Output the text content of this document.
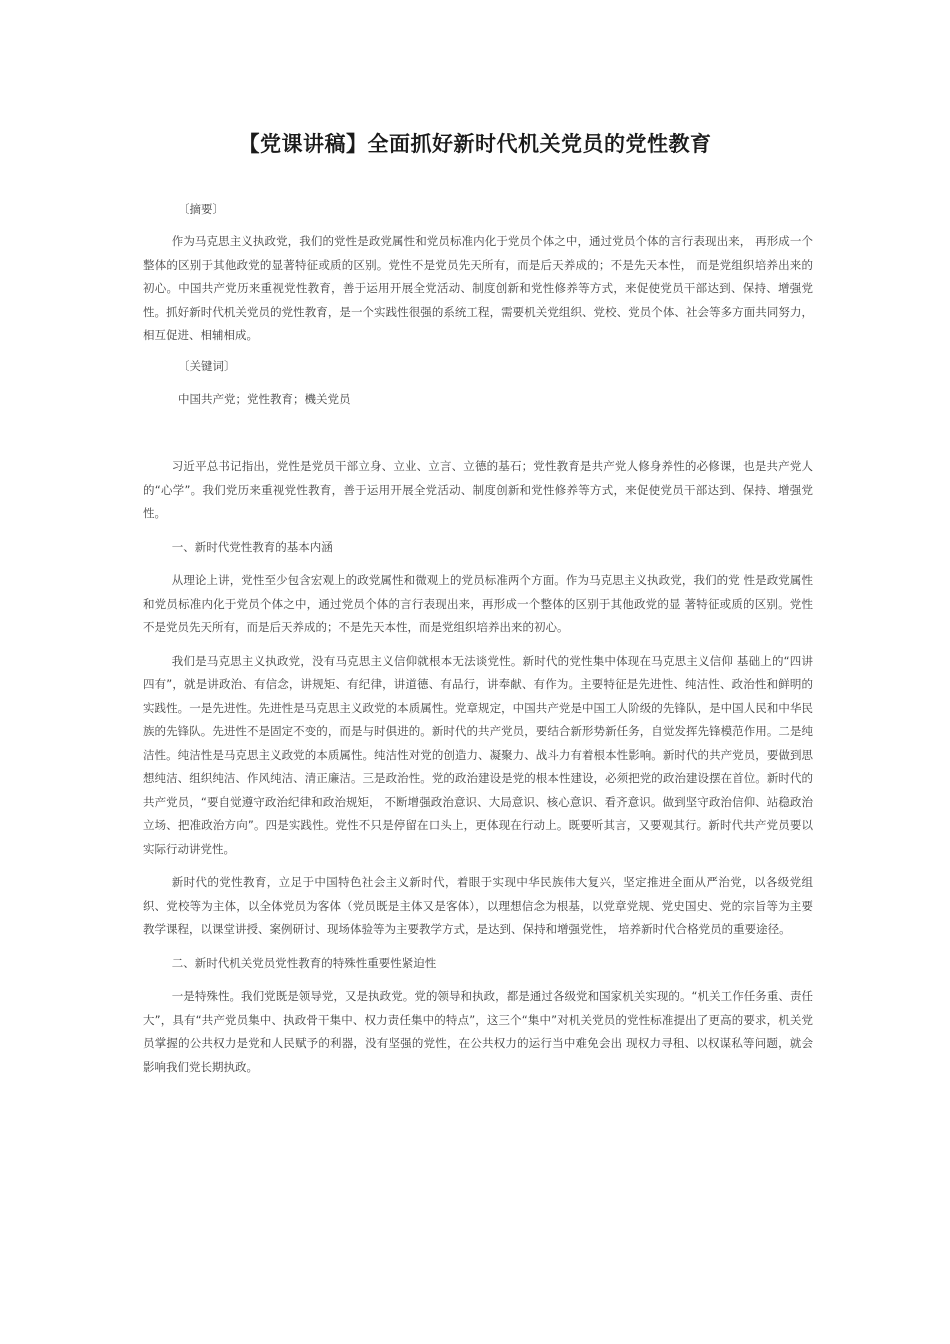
【党课讲稿】全面抓好新时代机关党员的党性教育
〔摘要〕

作为马克思主义执政党，我们的党性是政党属性和党员标准内化于党员个体之中，通过党员个体的言行表现出来， 再形成一个整体的区别于其他政党的显著特征或质的区别。党性不是党员先天所有，而是后天养成的；不是先天本性， 而是党组织培养出来的初心。中国共产党历来重视党性教育，善于运用开展全党活动、制度创新和党性修养等方式，来促使党员干部达到、保持、增强党性。抓好新时代机关党员的党性教育，是一个实践性很强的系统工程，需要机关党组织、党校、党员个体、社会等多方面共同努力，相互促进、相辅相成。

〔关键词〕
中国共产党；党性教育；機关党员

习近平总书记指出，党性是党员干部立身、立业、立言、立德的基石；党性教育是共产党人修身养性的必修课，也是共产党人的“心学”。我们党历来重视党性教育，善于运用开展全党活动、制度创新和党性修养等方式，来促使党员干部达到、保持、增强党性。

一、新时代党性教育的基本内涵

从理论上讲，党性至少包含宏观上的政党属性和微观上的党员标准两个方面。作为马克思主义执政党，我们的党 性是政党属性和党员标准内化于党员个体之中，通过党员个体的言行表现出来，再形成一个整体的区别于其他政党的显 著特征或质的区别。党性不是党员先天所有，而是后天养成的；不是先天本性，而是党组织培养出来的初心。

我们是马克思主义执政党，没有马克思主义信仰就根本无法谈党性。新时代的党性集中体现在马克思主义信仰 基础上的“四讲四有”，就是讲政治、有信念，讲规矩、有纪律，讲道德、有品行，讲奉献、有作为。主要特征是先进性、纯洁性、政治性和鲜明的实践性。一是先进性。先进性是马克思主义政党的本质属性。党章规定，中国共产党是中国工人阶级的先锋队，是中国人民和中华民族的先锋队。先进性不是固定不变的，而是与时俱进的。新时代的共产党员，要结合新形势新任务，自觉发挥先锋模范作用。二是纯洁性。纯洁性是马克思主义政党的本质属性。纯洁性对党的创造力、凝聚力、战斗力有着根本性影响。新时代的共产党员，要做到思想纯洁、组织纯洁、作风纯洁、清正廉洁。三是政治性。党的政治建设是党的根本性建设，必须把党的政治建设摆在首位。新时代的共产党员，“要自觉遵守政治纪律和政治规矩， 不断增强政治意识、大局意识、核心意识、看齐意识。做到坚守政治信仰、站稳政治立场、把准政治方向”。四是实践性。党性不只是停留在口头上，更体现在行动上。既要听其言，又要观其行。新时代共产党员要以实际行动讲党性。

新时代的党性教育，立足于中国特色社会主义新时代，着眼于实现中华民族伟大复兴，坚定推进全面从严治党，以各级党组织、党校等为主体，以全体党员为客体（党员既是主体又是客体），以理想信念为根基，以党章党规、党史国史、党的宗旨等为主要教学课程，以课堂讲授、案例研讨、现场体验等为主要教学方式，是达到、保持和增强党性， 培养新时代合格党员的重要途径。

二、新时代机关党员党性教育的特殊性重要性紧迫性

一是特殊性。我们党既是领导党，又是执政党。党的领导和执政，都是通过各级党和国家机关实现的。“机关工作任务重、责任大”，具有“共产党员集中、执政骨干集中、权力责任集中的特点”，这三个“集中”对机关党员的党性标准提出了更高的要求，机关党员掌握的公共权力是党和人民赋予的利器，没有坚强的党性，在公共权力的运行当中难免会出 现权力寻租、以权谋私等问题，就会影响我们党长期执政。
